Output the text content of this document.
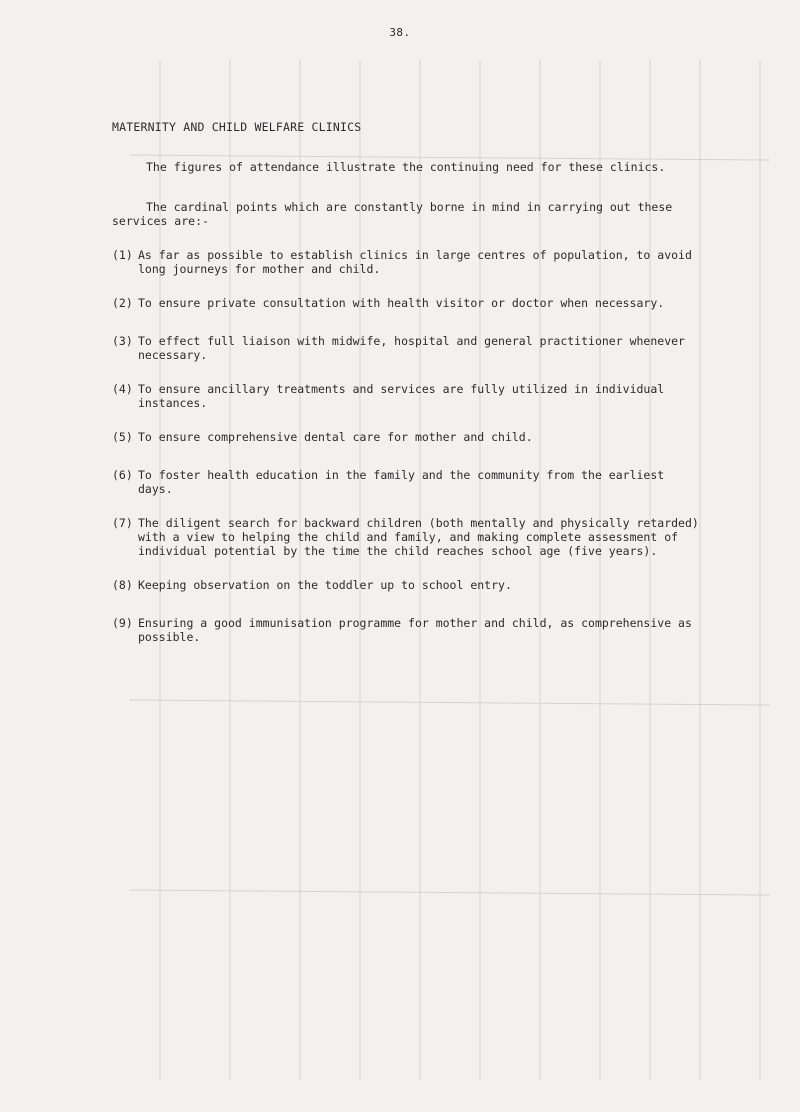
38.

MATERNITY AND CHILD WELFARE CLINICS

The figures of attendance illustrate the continuing need for these clinics.

The cardinal points which are constantly borne in mind in carrying out these services are:-

(1) As far as possible to establish clinics in large centres of population, to avoid long journeys for mother and child.
(2) To ensure private consultation with health visitor or doctor when necessary.
(3) To effect full liaison with midwife, hospital and general practitioner whenever necessary.
(4) To ensure ancillary treatments and services are fully utilized in individual instances.
(5) To ensure comprehensive dental care for mother and child.
(6) To foster health education in the family and the community from the earliest days.
(7) The diligent search for backward children (both mentally and physically retarded) with a view to helping the child and family, and making complete assessment of individual potential by the time the child reaches school age (five years).
(8) Keeping observation on the toddler up to school entry.
(9) Ensuring a good immunisation programme for mother and child, as comprehensive as possible.
